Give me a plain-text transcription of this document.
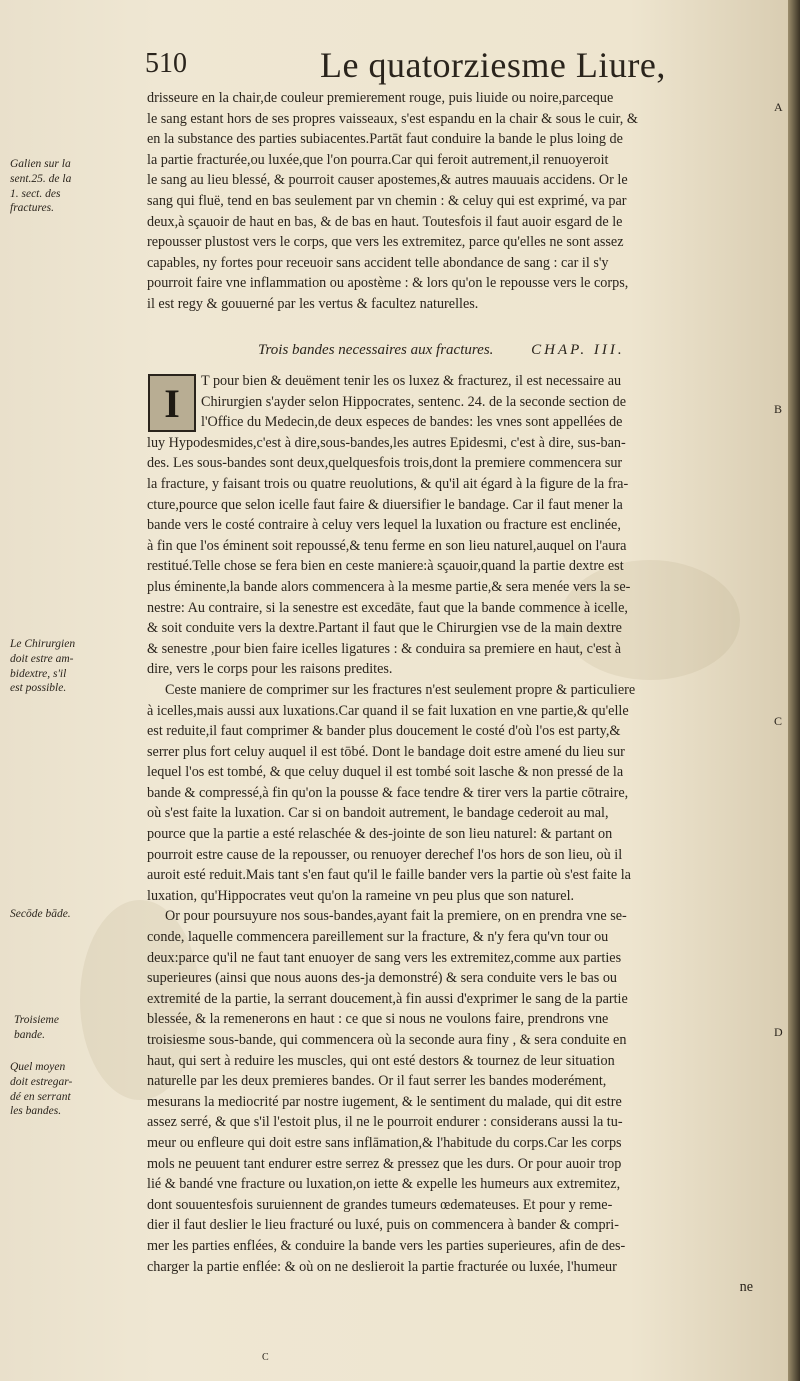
510	Le quatorziesme Liure,
drisseure en la chair,de couleur premierement rouge, puis liuide ou noire,parceque
le sang estant hors de ses propres vaisseaux, s'est espandu en la chair & sous le cuir, &
en la substance des parties subiacentes.Partāt faut conduire la bande le plus loing de
la partie fracturée,ou luxée,que l'on pourra.Car qui feroit autrement,il renuoyeroit
le sang au lieu blessé, & pourroit causer apostemes,& autres mauuais accidens. Or le
sang qui fluë, tend en bas seulement par vn chemin : & celuy qui est exprimé, va par
deux,à sçauoir de haut en bas, & de bas en haut. Toutesfois il faut auoir esgard de le
repousser plustost vers le corps, que vers les extremitez, parce qu'elles ne sont assez
capables, ny fortes pour receuoir sans accident telle abondance de sang : car il s'y
pourroit faire vne inflammation ou apostème : & lors qu'on le repousse vers le corps,
il est regy & gouuerné par les vertus & facultez naturelles.
Trois bandes necessaires aux fractures.	CHAP. III.
I	T pour bien & deuëment tenir les os luxez & fracturez, il est necessaire au
Chirurgien s'ayder selon Hippocrates, sentenc. 24. de la seconde section de
l'Office du Medecin,de deux especes de bandes: les vnes sont appellées de
luy Hypodesmides,c'est à dire,sous-bandes,les autres Epidesmi, c'est à dire, sus-ban-
des. Les sous-bandes sont deux,quelquesfois trois,dont la premiere commencera sur
la fracture, y faisant trois ou quatre reuolutions, & qu'il ait égard à la figure de la fra-
cture,pource que selon icelle faut faire & diuersifier le bandage. Car il faut mener la
bande vers le costé contraire à celuy vers lequel la luxation ou fracture est enclinée,
à fin que l'os éminent soit repoussé,& tenu ferme en son lieu naturel,auquel on l'aura
restitué.Telle chose se fera bien en ceste maniere:à sçauoir,quand la partie dextre est
plus éminente,la bande alors commencera à la mesme partie,& sera menée vers la se-
nestre: Au contraire, si la senestre est excedāte, faut que la bande commence à icelle,
& soit conduite vers la dextre.Partant il faut que le Chirurgien vse de la main dextre
& senestre ,pour bien faire icelles ligatures : & conduira sa premiere en haut, c'est à
dire, vers le corps pour les raisons predites.
Ceste maniere de comprimer sur les fractures n'est seulement propre & particuliere
à icelles,mais aussi aux luxations.Car quand il se fait luxation en vne partie,& qu'elle
est reduite,il faut comprimer & bander plus doucement le costé d'où l'os est party,&
serrer plus fort celuy auquel il est tōbé. Dont le bandage doit estre amené du lieu sur
lequel l'os est tombé, & que celuy duquel il est tombé soit lasche & non pressé de la
bande & compressé,à fin qu'on la pousse & face tendre & tirer vers la partie cōtraire,
où s'est faite la luxation. Car si on bandoit autrement, le bandage cederoit au mal,
pource que la partie a esté relaschée & des-jointe de son lieu naturel: & partant on
pourroit estre cause de la repousser, ou renuoyer derechef l'os hors de son lieu, où il
auroit esté reduit.Mais tant s'en faut qu'il le faille bander vers la partie où s'est faite la
luxation, qu'Hippocrates veut qu'on la rameine vn peu plus que son naturel.
Or pour poursuyure nos sous-bandes,ayant fait la premiere, on en prendra vne se-
conde, laquelle commencera pareillement sur la fracture, & n'y fera qu'vn tour ou
deux:parce qu'il ne faut tant enuoyer de sang vers les extremitez,comme aux parties
superieures (ainsi que nous auons des-ja demonstré) & sera conduite vers le bas ou
extremité de la partie, la serrant doucement,à fin aussi d'exprimer le sang de la partie
blessée, & la remenerons en haut : ce que si nous ne voulons faire, prendrons vne
troisiesme sous-bande, qui commencera où la seconde aura finy , & sera conduite en
haut, qui sert à reduire les muscles, qui ont esté destors & tournez de leur situation
naturelle par les deux premieres bandes. Or il faut serrer les bandes moderément,
mesurans la mediocrité par nostre iugement, & le sentiment du malade, qui dit estre
assez serré, & que s'il l'estoit plus, il ne le pourroit endurer : considerans aussi la tu-
meur ou enfleure qui doit estre sans inflāmation,& l'habitude du corps.Car les corps
mols ne peuuent tant endurer estre serrez & pressez que les durs. Or pour auoir trop
lié & bandé vne fracture ou luxation,on iette & expelle les humeurs aux extremitez,
dont souuentesfois suruiennent de grandes tumeurs œdemateuses. Et pour y reme-
dier il faut deslier le lieu fracturé ou luxé, puis on commencera à bander & compri-
mer les parties enflées, & conduire la bande vers les parties superieures, afin de des-
charger la partie enflée: & où on ne deslieroit la partie fracturée ou luxée, l'humeur
ne
Galien sur la
sent.25. de la
1. sect. des
fractures.
Le Chirurgien
doit estre am-
bidextre, s'il
est possible.
Secōde bāde.
Troisieme
bande.
Quel moyen
doit estregar-
dé en serrant
les bandes.
A
B
C
D
C
